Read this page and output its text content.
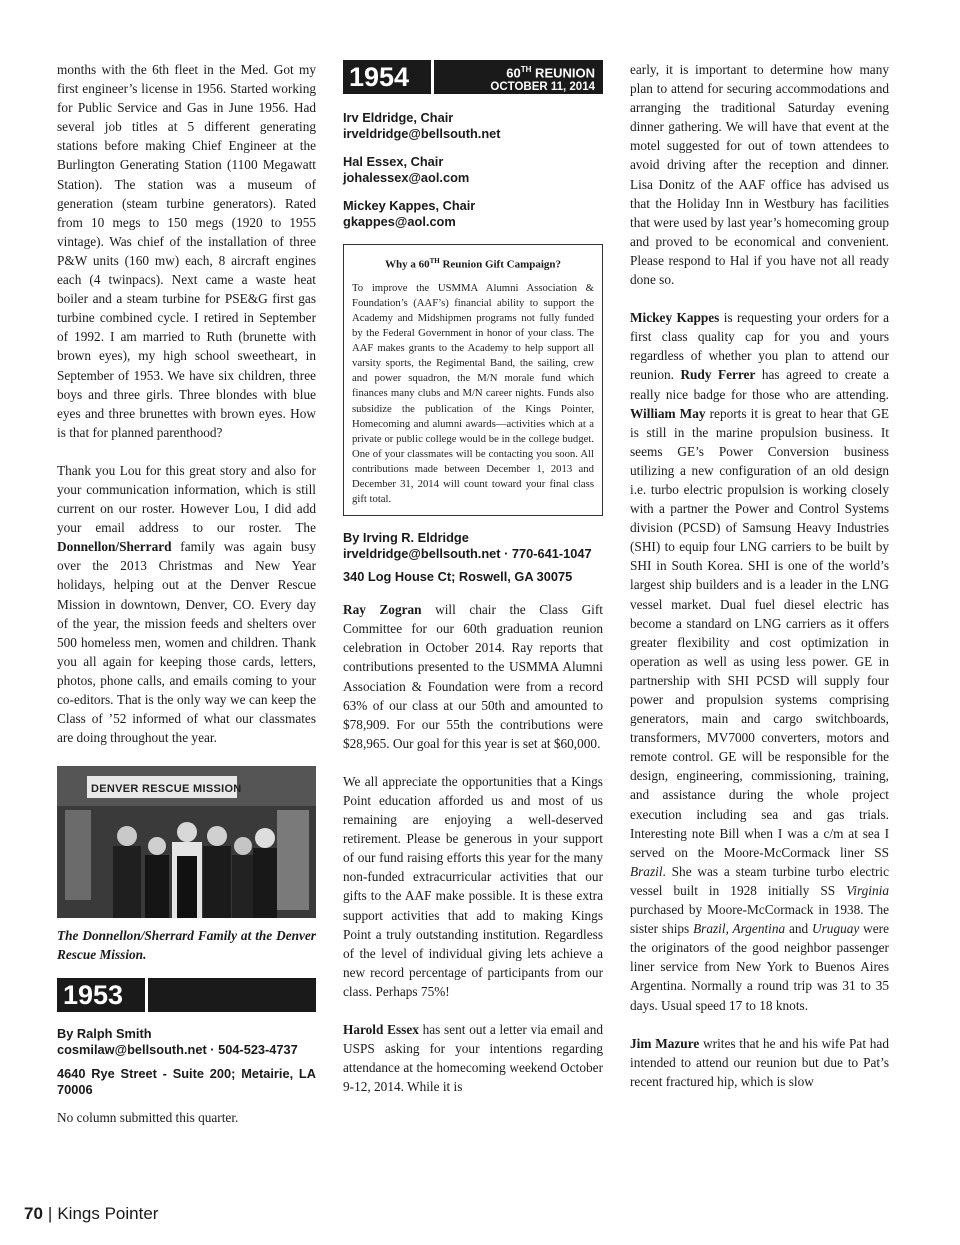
months with the 6th fleet in the Med. Got my first engineer’s license in 1956. Started working for Public Service and Gas in June 1956. Had several job titles at 5 different generating stations before making Chief Engineer at the Burlington Generating Station (1100 Megawatt Station). The station was a museum of generation (steam turbine generators). Rated from 10 megs to 150 megs (1920 to 1955 vintage). Was chief of the installation of three P&W units (160 mw) each, 8 aircraft engines each (4 twinpacs). Next came a waste heat boiler and a steam turbine for PSE&G first gas turbine combined cycle. I retired in September of 1992. I am married to Ruth (brunette with brown eyes), my high school sweetheart, in September of 1953. We have six children, three boys and three girls. Three blondes with blue eyes and three brunettes with brown eyes. How is that for planned parenthood?

Thank you Lou for this great story and also for your communication information, which is still current on our roster. However Lou, I did add your email address to our roster. The Donnellon/Sherrard family was again busy over the 2013 Christmas and New Year holidays, helping out at the Denver Rescue Mission in downtown, Denver, CO. Every day of the year, the mission feeds and shelters over 500 homeless men, women and children. Thank you all again for keeping those cards, letters, photos, phone calls, and emails coming to your co-editors. That is the only way we can keep the Class of ’52 informed of what our classmates are doing throughout the year.

DENVER RESCUE MISSION
The Donnellon/Sherrard Family at the Denver Rescue Mission.
1953
By Ralph Smith
cosmilaw@bellsouth.net · 504-523-4737
4640 Rye Street - Suite 200; Metairie, LA 70006
No column submitted this quarter.
1954	60TH REUNION
OCTOBER 11, 2014
Irv Eldridge, Chair
irveldridge@bellsouth.net
Hal Essex, Chair
johalessex@aol.com
Mickey Kappes, Chair
gkappes@aol.com
Why a 60TH Reunion Gift Campaign?
To improve the USMMA Alumni Association & Foundation’s (AAF’s) financial ability to support the Academy and Midshipmen programs not fully funded by the Federal Government in honor of your class. The AAF makes grants to the Academy to help support all varsity sports, the Regimental Band, the sailing, crew and power squadron, the M/N morale fund which finances many clubs and M/N career nights. Funds also subsidize the publication of the Kings Pointer, Homecoming and alumni awards—activities which at a private or public college would be in the college budget. One of your classmates will be contacting you soon. All contributions made between December 1, 2013 and December 31, 2014 will count toward your final class gift total.
By Irving R. Eldridge
irveldridge@bellsouth.net · 770-641-1047
340 Log House Ct; Roswell, GA 30075

Ray Zogran will chair the Class Gift Committee for our 60th graduation reunion celebration in October 2014. Ray reports that contributions presented to the USMMA Alumni Association & Foundation were from a record 63% of our class at our 50th and amounted to $78,909. For our 55th the contributions were $28,965. Our goal for this year is set at $60,000.

We all appreciate the opportunities that a Kings Point education afforded us and most of us remaining are enjoying a well-deserved retirement. Please be generous in your support of our fund raising efforts this year for the many non-funded extracurricular activities that our gifts to the AAF make possible. It is these extra support activities that add to making Kings Point a truly outstanding institution. Regardless of the level of individual giving lets achieve a new record percentage of participants from our class. Perhaps 75%!

Harold Essex has sent out a letter via email and USPS asking for your intentions regarding attendance at the homecoming weekend October 9-12, 2014. While it is

early, it is important to determine how many plan to attend for securing accommodations and arranging the traditional Saturday evening dinner gathering. We will have that event at the motel suggested for out of town attendees to avoid driving after the reception and dinner. Lisa Donitz of the AAF office has advised us that the Holiday Inn in Westbury has facilities that were used by last year’s homecoming group and proved to be economical and convenient. Please respond to Hal if you have not all ready done so.

Mickey Kappes is requesting your orders for a first class quality cap for you and yours regardless of whether you plan to attend our reunion. Rudy Ferrer has agreed to create a really nice badge for those who are attending. William May reports it is great to hear that GE is still in the marine propulsion business. It seems GE’s Power Conversion business utilizing a new configuration of an old design i.e. turbo electric propulsion is working closely with a partner the Power and Control Systems division (PCSD) of Samsung Heavy Industries (SHI) to equip four LNG carriers to be built by SHI in South Korea. SHI is one of the world’s largest ship builders and is a leader in the LNG vessel market. Dual fuel diesel electric has become a standard on LNG carriers as it offers greater flexibility and cost optimization in operation as well as using less power. GE in partnership with SHI PCSD will supply four power and propulsion systems comprising generators, main and cargo switchboards, transformers, MV7000 converters, motors and remote control. GE will be responsible for the design, engineering, commissioning, training, and assistance during the whole project execution including sea and gas trials. Interesting note Bill when I was a c/m at sea I served on the Moore-McCormack liner SS Brazil. She was a steam turbine turbo electric vessel built in 1928 initially SS Virginia purchased by Moore-McCormack in 1938. The sister ships Brazil, Argentina and Uruguay were the originators of the good neighbor passenger liner service from New York to Buenos Aires Argentina. Normally a round trip was 31 to 35 days. Usual speed 17 to 18 knots.

Jim Mazure writes that he and his wife Pat had intended to attend our reunion but due to Pat’s recent fractured hip, which is slow

70 | Kings Pointer
